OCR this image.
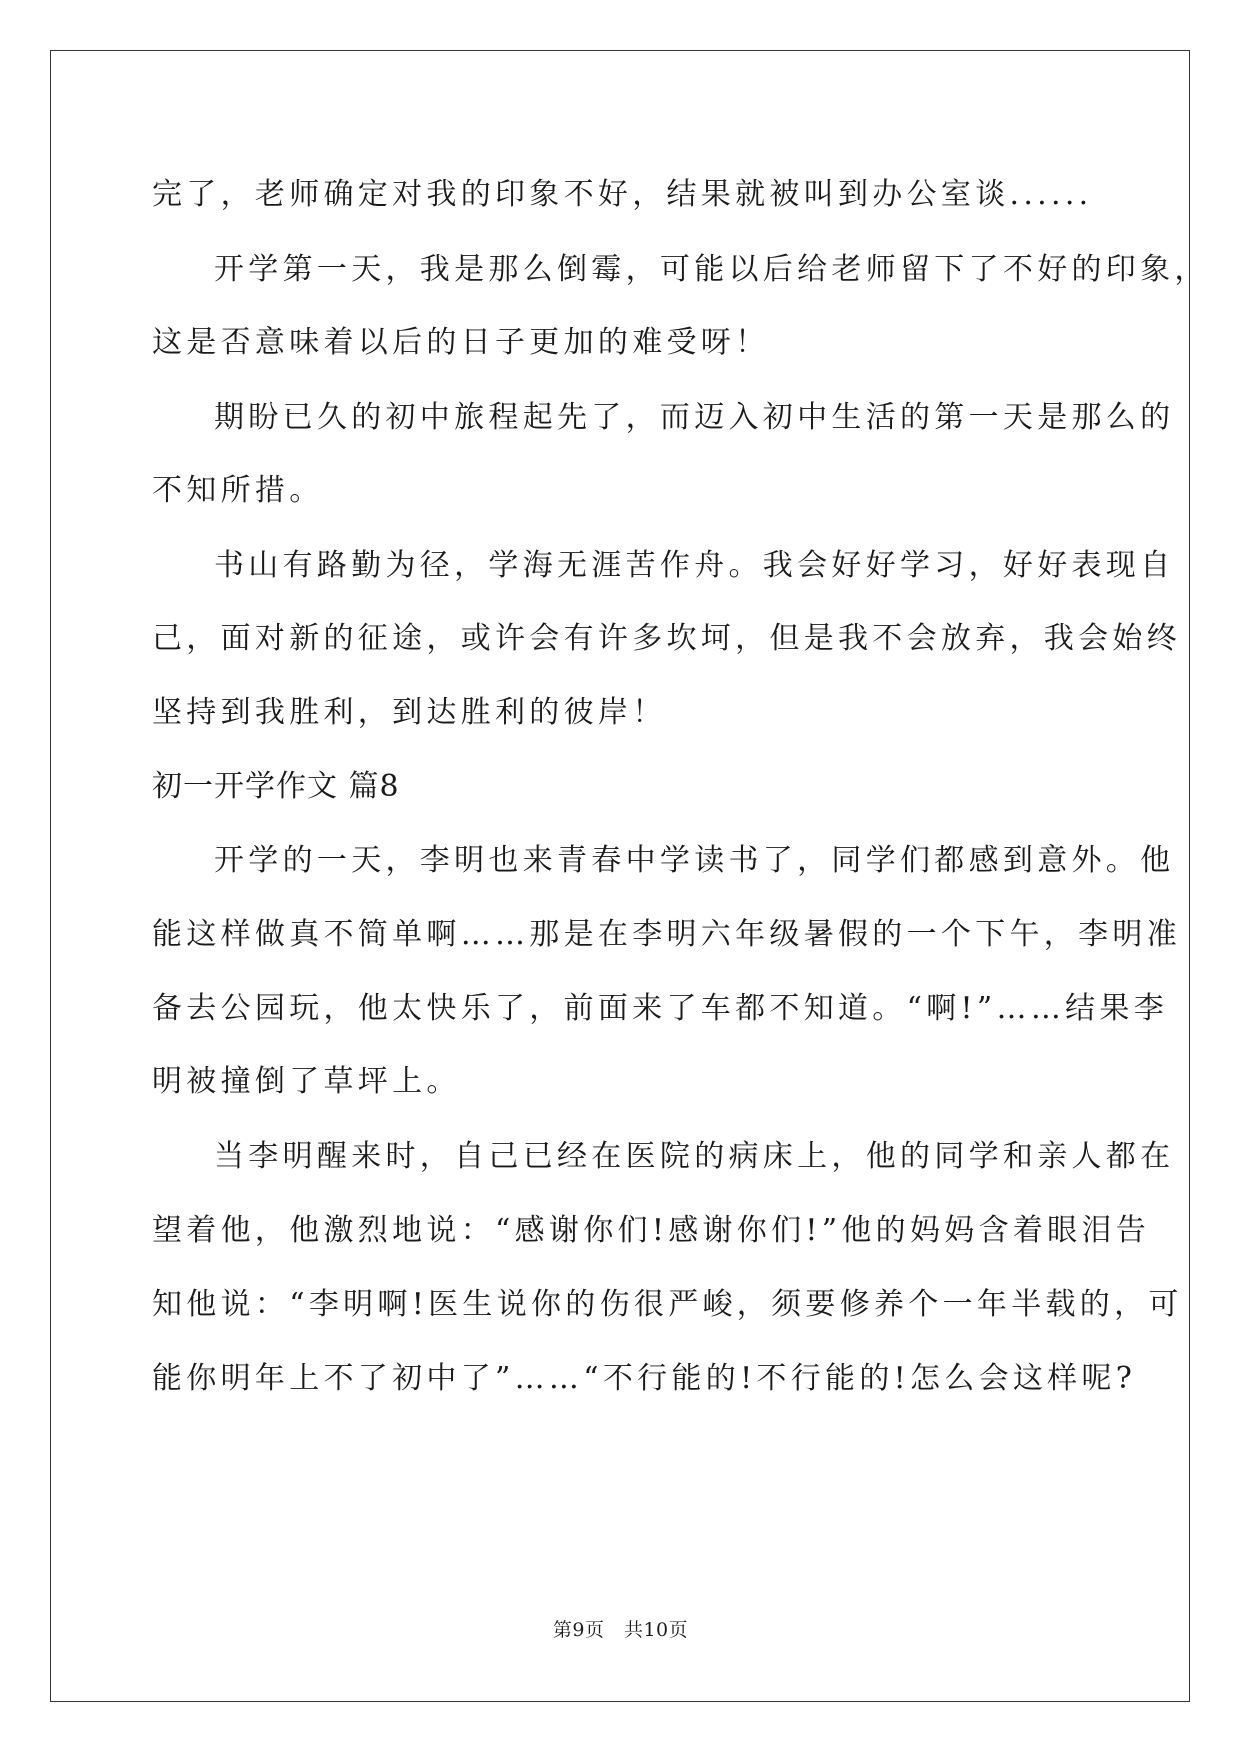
完了，老师确定对我的印象不好，结果就被叫到办公室谈......
开学第一天，我是那么倒霉，可能以后给老师留下了不好的印象，
这是否意味着以后的日子更加的难受呀！
期盼已久的初中旅程起先了，而迈入初中生活的第一天是那么的
不知所措。
书山有路勤为径，学海无涯苦作舟。我会好好学习，好好表现自
己，面对新的征途，或许会有许多坎坷，但是我不会放弃，我会始终
坚持到我胜利，到达胜利的彼岸！
初一开学作文 篇8
开学的一天，李明也来青春中学读书了，同学们都感到意外。他
能这样做真不简单啊……那是在李明六年级暑假的一个下午，李明准
备去公园玩，他太快乐了，前面来了车都不知道。“啊!”……结果李
明被撞倒了草坪上。
当李明醒来时，自己已经在医院的病床上，他的同学和亲人都在
望着他，他激烈地说：“感谢你们!感谢你们!”他的妈妈含着眼泪告
知他说：“李明啊!医生说你的伤很严峻，须要修养个一年半载的，可
能你明年上不了初中了”……“不行能的!不行能的!怎么会这样呢?
第9页　共10页
